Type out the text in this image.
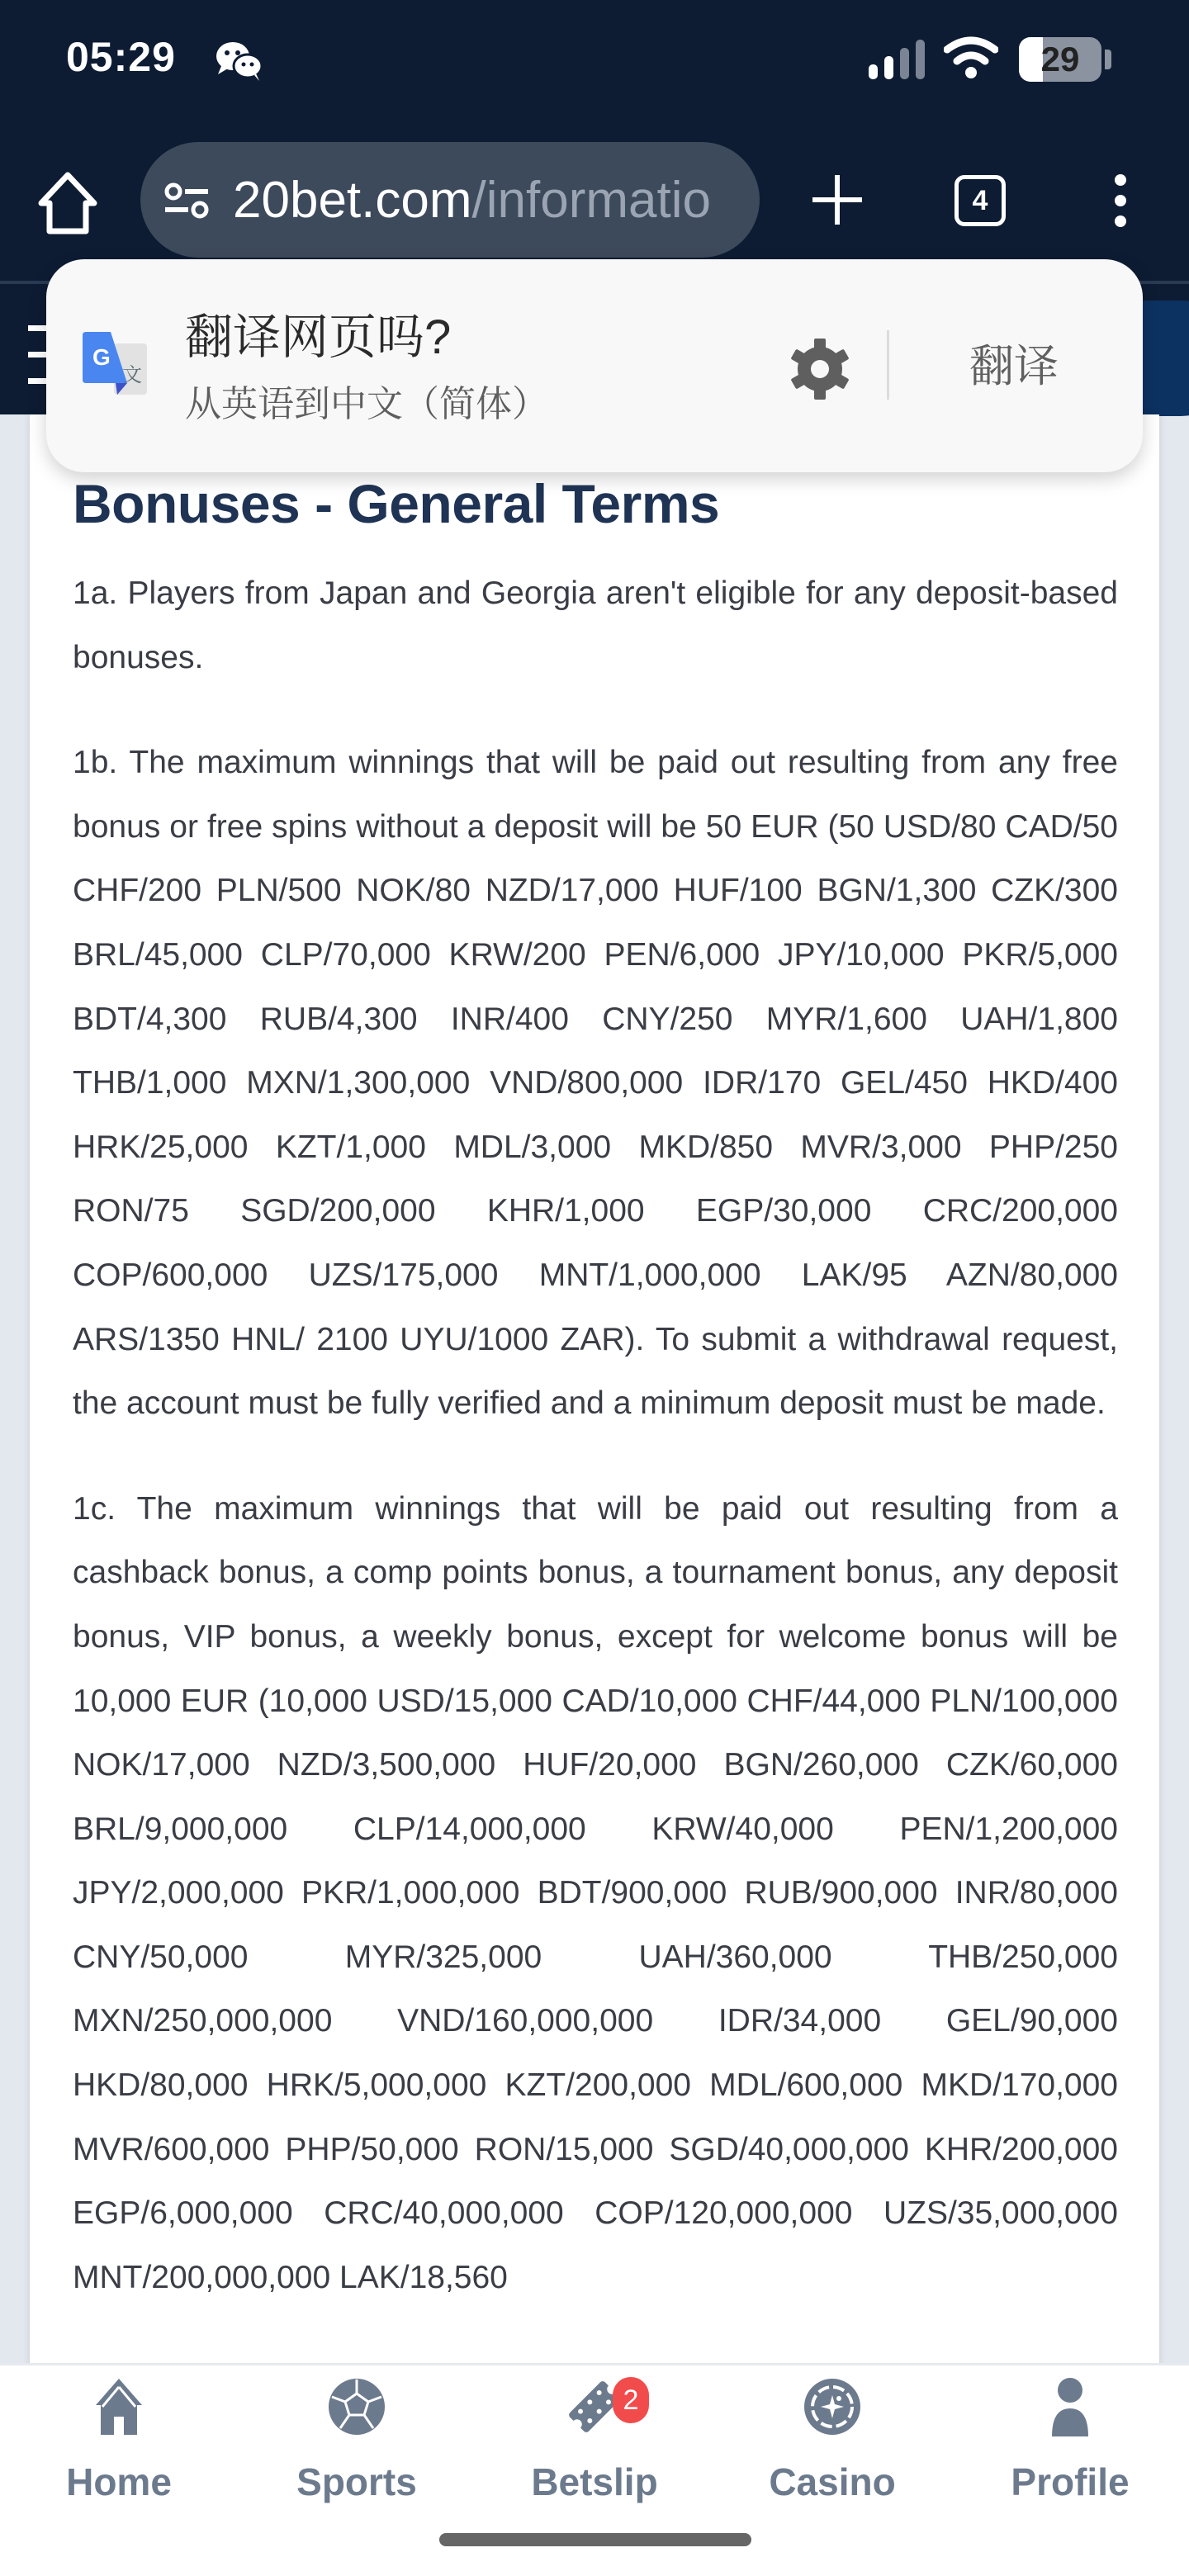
05:29	29
20bet.com/informatio	4
Bonuses - General Terms

1a. Players from Japan and Georgia aren't eligible for any deposit-based bonuses.

1b. The maximum winnings that will be paid out resulting from any free bonus or free spins without a deposit will be 50 EUR (50 USD/80 CAD/50 CHF/200 PLN/500 NOK/80 NZD/17,000 HUF/100 BGN/1,300 CZK/300 BRL/45,000 CLP/70,000 KRW/200 PEN/6,000 JPY/10,000 PKR/5,000 BDT/4,300 RUB/4,300 INR/400 CNY/250 MYR/1,600 UAH/1,800 THB/1,000 MXN/1,300,000 VND/800,000 IDR/170 GEL/450 HKD/400 HRK/25,000 KZT/1,000 MDL/3,000 MKD/850 MVR/3,000 PHP/250 RON/75 SGD/200,000 KHR/1,000 EGP/30,000 CRC/200,000 COP/600,000 UZS/175,000 MNT/1,000,000 LAK/95 AZN/80,000 ARS/1350 HNL/ 2100 UYU/1000 ZAR). To submit a withdrawal request, the account must be fully verified and a minimum deposit must be made.

1c. The maximum winnings that will be paid out resulting from a cashback bonus, a comp points bonus, a tournament bonus, any deposit bonus, VIP bonus, a weekly bonus, except for welcome bonus will be 10,000 EUR (10,000 USD/15,000 CAD/10,000 CHF/44,000 PLN/100,000 NOK/17,000 NZD/3,500,000 HUF/20,000 BGN/260,000 CZK/60,000 BRL/9,000,000 CLP/14,000,000 KRW/40,000 PEN/1,200,000 JPY/2,000,000 PKR/1,000,000 BDT/900,000 RUB/900,000 INR/80,000 CNY/50,000 MYR/325,000 UAH/360,000 THB/250,000 MXN/250,000,000 VND/160,000,000 IDR/34,000 GEL/90,000 HKD/80,000 HRK/5,000,000 KZT/200,000 MDL/600,000 MKD/170,000 MVR/600,000 PHP/50,000 RON/15,000 SGD/40,000,000 KHR/200,000 EGP/6,000,000 CRC/40,000,000 COP/120,000,000 UZS/35,000,000 MNT/200,000,000 LAK/18,560

G
文
翻译网页吗?
从英语到中文（简体）
翻译
Home	Sports
2
Betslip	Casino	Profile
